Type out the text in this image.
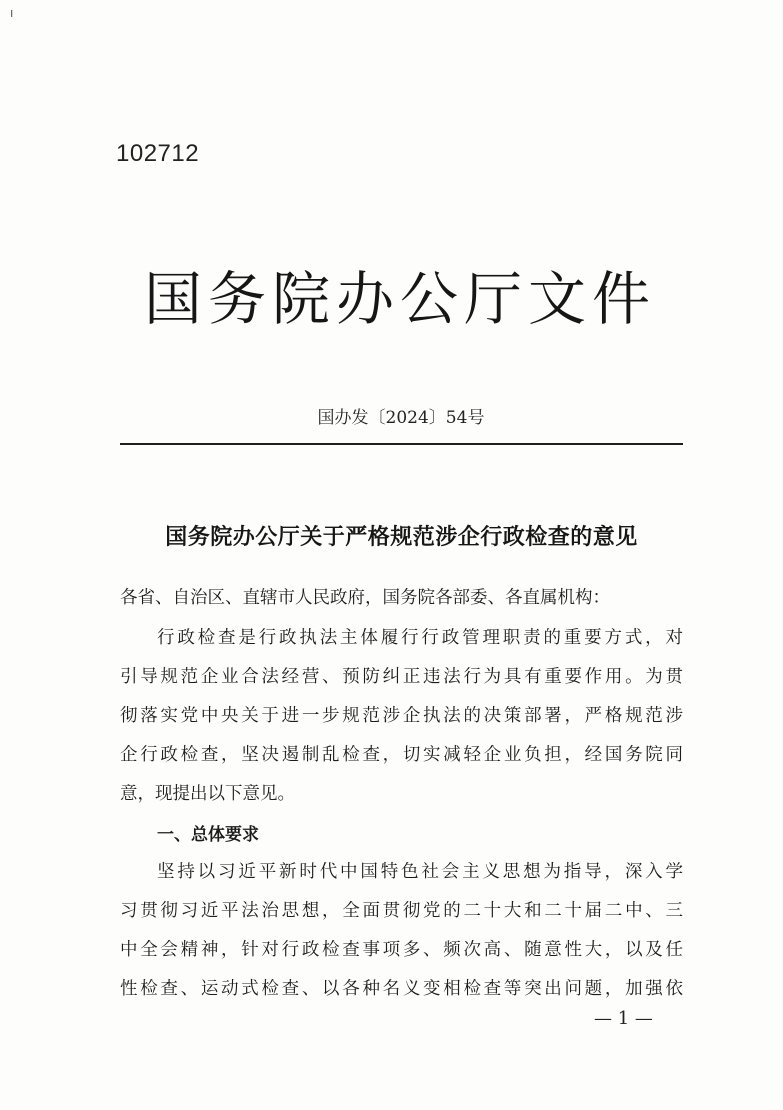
ı
102712
国务院办公厅文件
国办发〔2024〕54号
国务院办公厅关于严格规范涉企行政检查的意见
各省、自治区、直辖市人民政府，国务院各部委、各直属机构：
行政检查是行政执法主体履行行政管理职责的重要方式，对
引导规范企业合法经营、预防纠正违法行为具有重要作用。为贯
彻落实党中央关于进一步规范涉企执法的决策部署，严格规范涉
企行政检查，坚决遏制乱检查，切实减轻企业负担，经国务院同
意，现提出以下意见。
一、总体要求
坚持以习近平新时代中国特色社会主义思想为指导，深入学
习贯彻习近平法治思想，全面贯彻党的二十大和二十届二中、三
中全会精神，针对行政检查事项多、频次高、随意性大，以及任
性检查、运动式检查、以各种名义变相检查等突出问题，加强依
— 1 —
